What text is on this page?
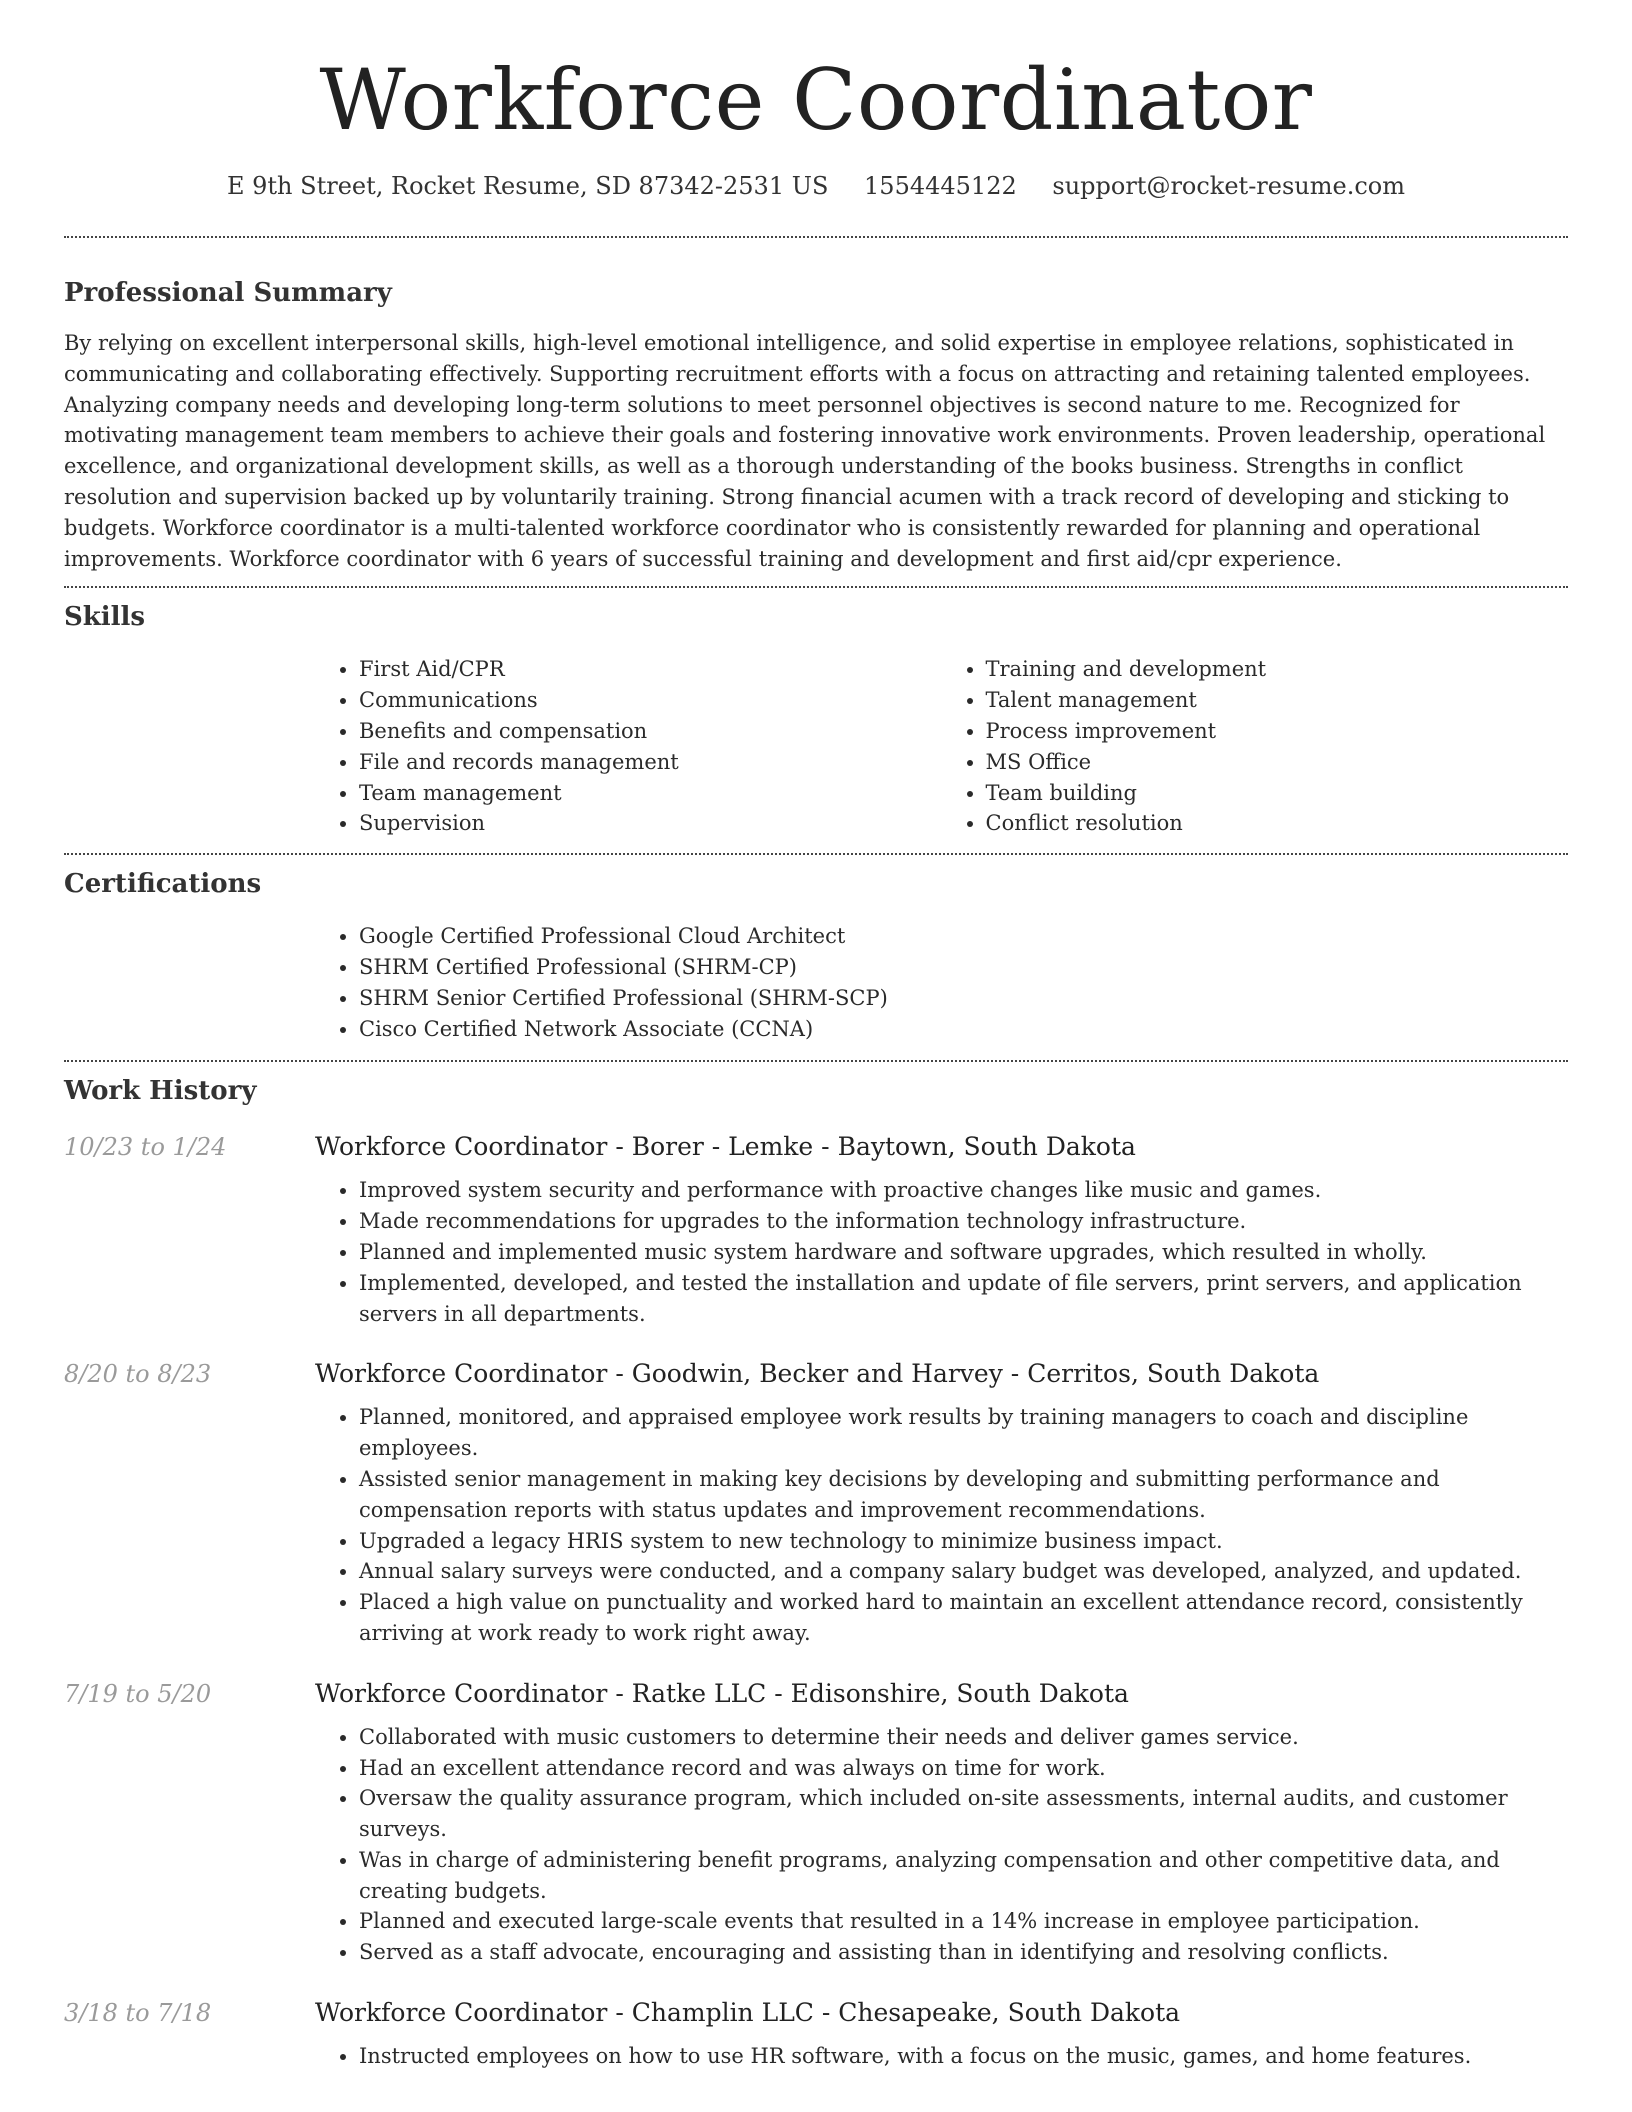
Workforce Coordinator
E 9th Street, Rocket Resume, SD 87342-2531 US 1554445122 support@rocket-resume.com
Professional Summary

By relying on excellent interpersonal skills, high-level emotional intelligence, and solid expertise in employee relations, sophisticated in communicating and collaborating effectively. Supporting recruitment efforts with a focus on attracting and retaining talented employees. Analyzing company needs and developing long-term solutions to meet personnel objectives is second nature to me. Recognized for motivating management team members to achieve their goals and fostering innovative work environments. Proven leadership, operational excellence, and organizational development skills, as well as a thorough understanding of the books business. Strengths in conflict resolution and supervision backed up by voluntarily training. Strong financial acumen with a track record of developing and sticking to budgets. Workforce coordinator is a multi-talented workforce coordinator who is consistently rewarded for planning and operational improvements. Workforce coordinator with 6 years of successful training and development and first aid/cpr experience.

Skills
• First Aid/CPR
• Communications
• Benefits and compensation
• File and records management
• Team management
• Supervision
• Training and development
• Talent management
• Process improvement
• MS Office
• Team building
• Conflict resolution
Certifications
• Google Certified Professional Cloud Architect
• SHRM Certified Professional (SHRM-CP)
• SHRM Senior Certified Professional (SHRM-SCP)
• Cisco Certified Network Associate (CCNA)
Work History
10/23 to 1/24	Workforce Coordinator - Borer - Lemke - Baytown, South Dakota
• Improved system security and performance with proactive changes like music and games.
• Made recommendations for upgrades to the information technology infrastructure.
• Planned and implemented music system hardware and software upgrades, which resulted in wholly.
• Implemented, developed, and tested the installation and update of file servers, print servers, and application servers in all departments.
8/20 to 8/23	Workforce Coordinator - Goodwin, Becker and Harvey - Cerritos, South Dakota
• Planned, monitored, and appraised employee work results by training managers to coach and discipline employees.
• Assisted senior management in making key decisions by developing and submitting performance and compensation reports with status updates and improvement recommendations.
• Upgraded a legacy HRIS system to new technology to minimize business impact.
• Annual salary surveys were conducted, and a company salary budget was developed, analyzed, and updated.
• Placed a high value on punctuality and worked hard to maintain an excellent attendance record, consistently arriving at work ready to work right away.
7/19 to 5/20	Workforce Coordinator - Ratke LLC - Edisonshire, South Dakota
• Collaborated with music customers to determine their needs and deliver games service.
• Had an excellent attendance record and was always on time for work.
• Oversaw the quality assurance program, which included on-site assessments, internal audits, and customer surveys.
• Was in charge of administering benefit programs, analyzing compensation and other competitive data, and creating budgets.
• Planned and executed large-scale events that resulted in a 14% increase in employee participation.
• Served as a staff advocate, encouraging and assisting than in identifying and resolving conflicts.
3/18 to 7/18	Workforce Coordinator - Champlin LLC - Chesapeake, South Dakota
• Instructed employees on how to use HR software, with a focus on the music, games, and home features.
